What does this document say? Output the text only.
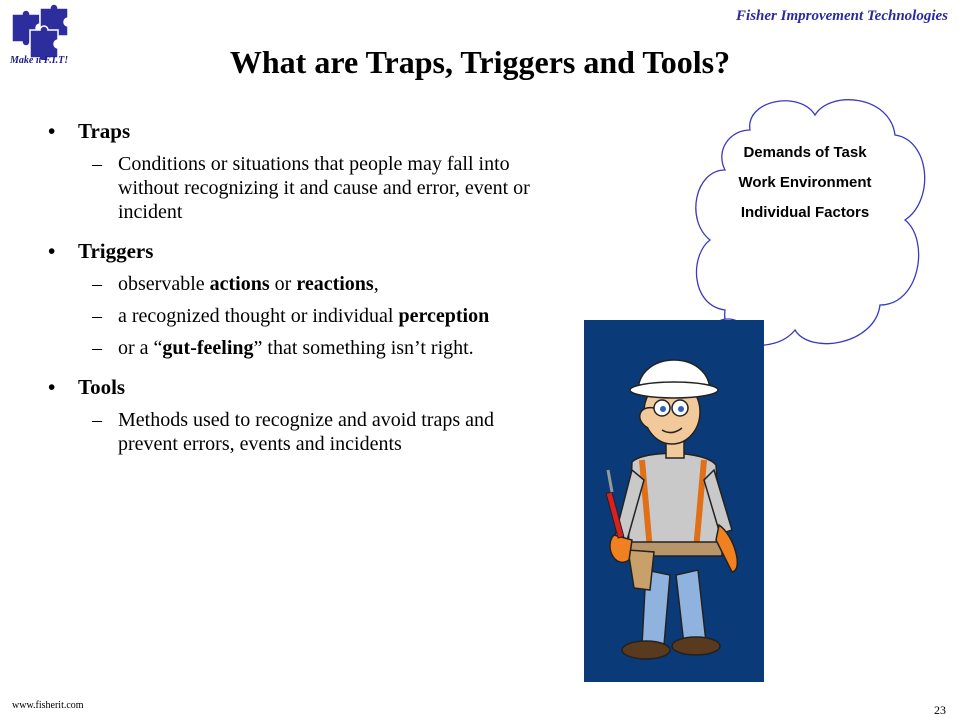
Make it F.I.T!
Fisher Improvement Technologies
What are Traps, Triggers and Tools?
• Traps
– Conditions or situations that people may fall into without recognizing it and cause and error, event or incident
• Triggers
– observable actions or reactions,
– a recognized thought or individual perception
– or a “gut-feeling” that something isn’t right.
• Tools
– Methods used to recognize and avoid traps and prevent errors, events and incidents
Demands of Task
Work Environment
Individual Factors
www.fisherit.com	23
